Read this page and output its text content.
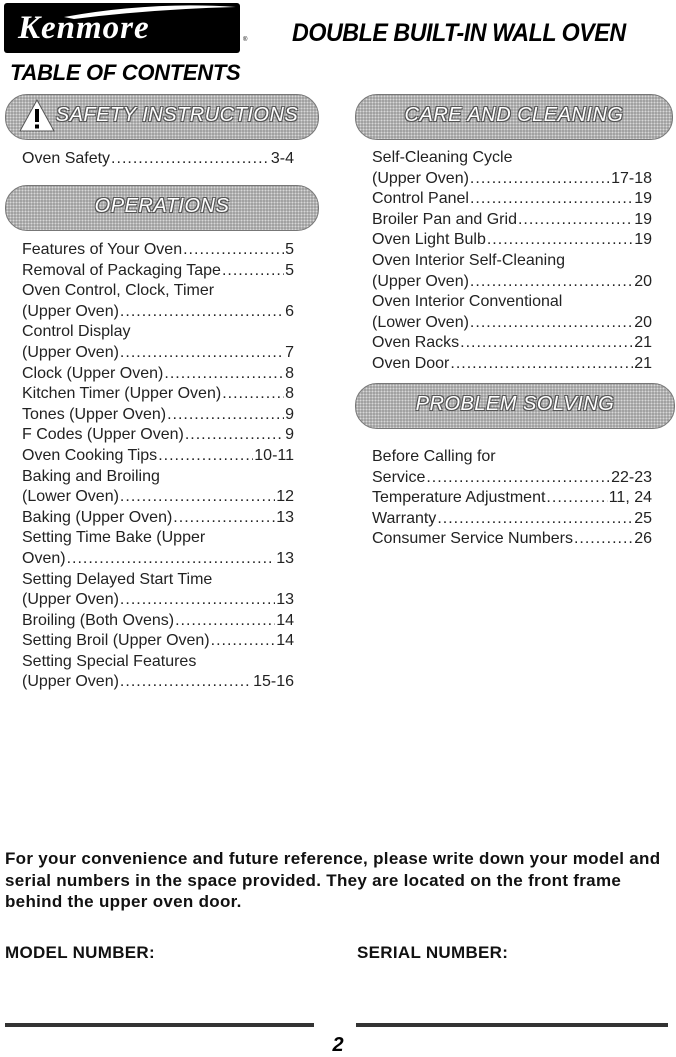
Kenmore	® DOUBLE BUILT-IN WALL OVEN
TABLE OF CONTENTS
SAFETY INSTRUCTIONS
OPERATIONS
CARE AND CLEANING
PROBLEM SOLVING
Oven Safety .....	3-4
Features of Your Oven .....	5
Removal of Packaging Tape .....	5
Oven Control, Clock, Timer
(Upper Oven) .....	6
Control Display
(Upper Oven) .....	7
Clock (Upper Oven) .....	8
Kitchen Timer (Upper Oven) .....	8
Tones (Upper Oven) .....	9
F Codes (Upper Oven) .....	9
Oven Cooking Tips .....	10-11
Baking and Broiling
(Lower Oven) .....	12
Baking (Upper Oven) .....	13
Setting Time Bake (Upper
Oven) .....	13
Setting Delayed Start Time
(Upper Oven) .....	13
Broiling (Both Ovens) .....	14
Setting Broil (Upper Oven) .....	14
Setting Special Features
(Upper Oven) .....	15-16
Self-Cleaning Cycle
(Upper Oven) .....	17-18
Control Panel .....	19
Broiler Pan and Grid .....	19
Oven Light Bulb .....	19
Oven Interior Self-Cleaning
(Upper Oven) .....	20
Oven Interior Conventional
(Lower Oven) .....	20
Oven Racks .....	21
Oven Door .....	21
Before Calling for
Service .....	22-23
Temperature Adjustment .....	11, 24
Warranty .....	25
Consumer Service Numbers .....	26
For your convenience and future reference, please write down your model and serial numbers in the space provided. They are located on the front frame behind the upper oven door.
MODEL NUMBER:	SERIAL NUMBER:
2
